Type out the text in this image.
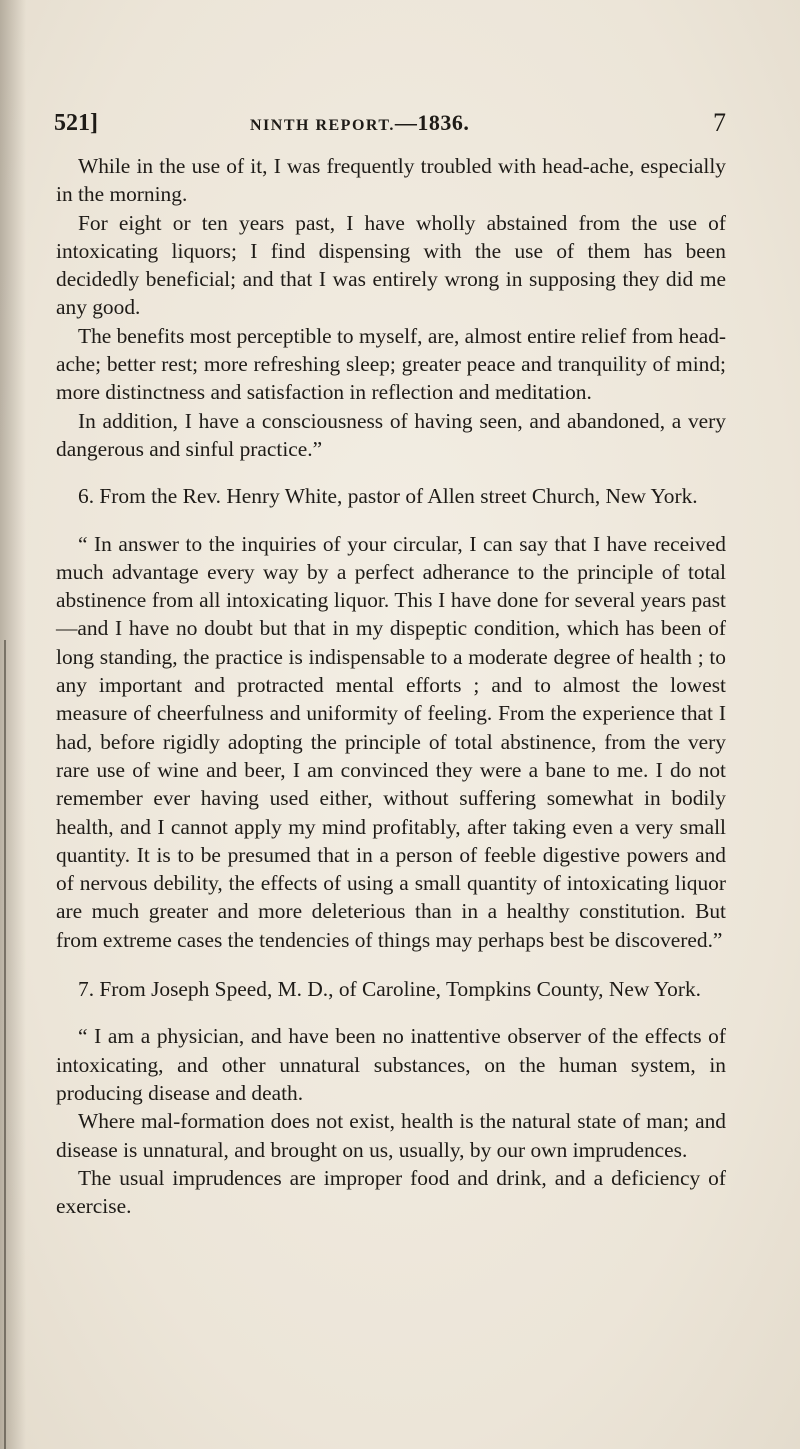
521]	NINTH REPORT.—1836.	7

While in the use of it, I was frequently troubled with head-ache, especially in the morning.

For eight or ten years past, I have wholly abstained from the use of intoxicating liquors; I find dispensing with the use of them has been decidedly beneficial; and that I was entirely wrong in supposing they did me any good.

The benefits most perceptible to myself, are, almost entire relief from head-ache; better rest; more refreshing sleep; greater peace and tranquility of mind; more distinctness and satisfaction in reflection and meditation.

In addition, I have a consciousness of having seen, and abandoned, a very dangerous and sinful practice.”

6. From the Rev. Henry White, pastor of Allen street Church, New York.

“ In answer to the inquiries of your circular, I can say that I have received much advantage every way by a perfect adherance to the principle of total abstinence from all intoxicating liquor. This I have done for several years past—and I have no doubt but that in my dispeptic condition, which has been of long standing, the practice is indispensable to a moderate degree of health ; to any important and protracted mental efforts ; and to almost the lowest measure of cheerfulness and uniformity of feeling. From the experience that I had, before rigidly adopting the principle of total abstinence, from the very rare use of wine and beer, I am convinced they were a bane to me. I do not remember ever having used either, without suffering somewhat in bodily health, and I cannot apply my mind profitably, after taking even a very small quantity. It is to be presumed that in a person of feeble digestive powers and of nervous debility, the effects of using a small quantity of intoxicating liquor are much greater and more deleterious than in a healthy constitution. But from extreme cases the tendencies of things may perhaps best be discovered.”

7. From Joseph Speed, M. D., of Caroline, Tompkins County, New York.

“ I am a physician, and have been no inattentive observer of the effects of intoxicating, and other unnatural substances, on the human system, in producing disease and death.

Where mal-formation does not exist, health is the natural state of man; and disease is unnatural, and brought on us, usually, by our own imprudences.

The usual imprudences are improper food and drink, and a deficiency of exercise.
